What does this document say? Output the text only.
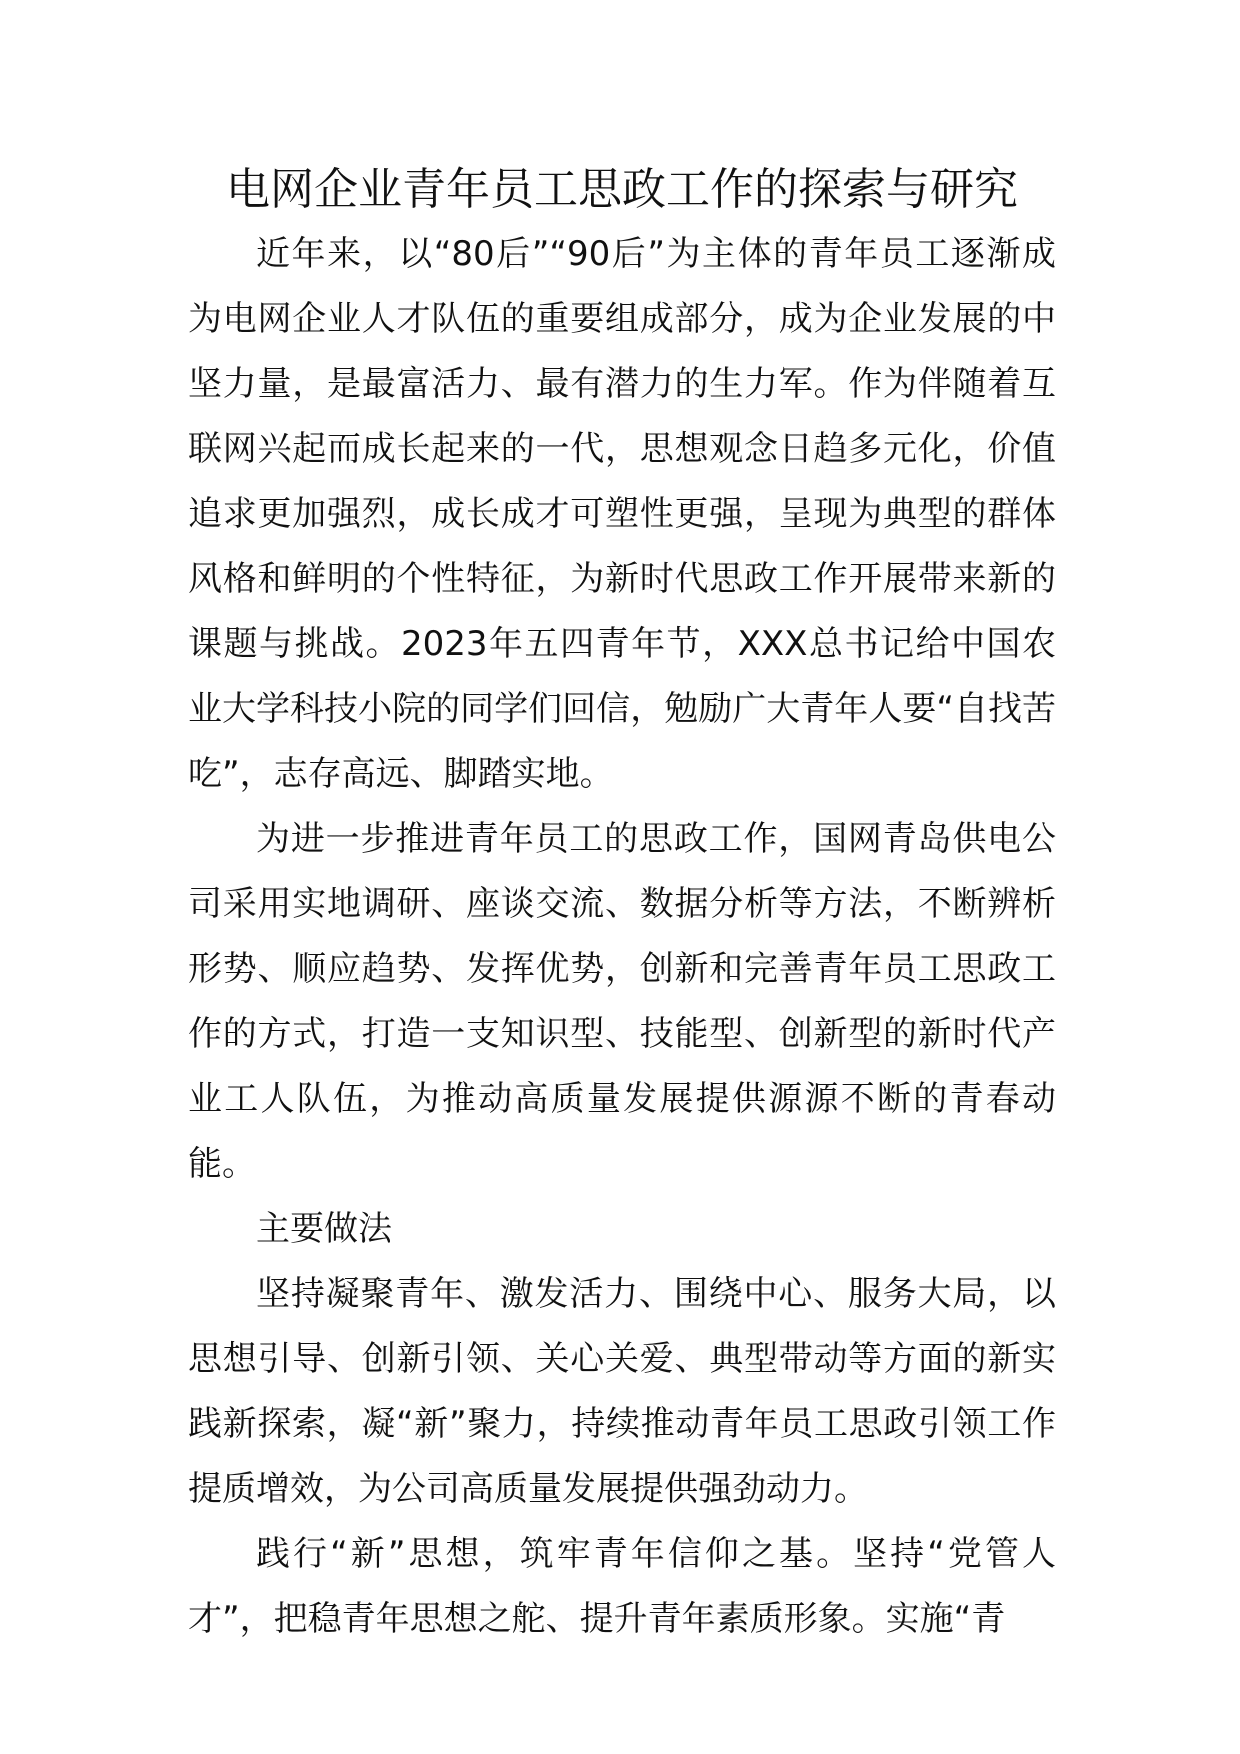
电网企业青年员工思政工作的探索与研究

近年来，以“80后”“90后”为主体的青年员工逐渐成为电网企业人才队伍的重要组成部分，成为企业发展的中坚力量，是最富活力、最有潜力的生力军。作为伴随着互联网兴起而成长起来的一代，思想观念日趋多元化，价值追求更加强烈，成长成才可塑性更强，呈现为典型的群体风格和鲜明的个性特征，为新时代思政工作开展带来新的课题与挑战。2023年五四青年节，XXX总书记给中国农业大学科技小院的同学们回信，勉励广大青年人要“自找苦吃”，志存高远、脚踏实地。

为进一步推进青年员工的思政工作，国网青岛供电公司采用实地调研、座谈交流、数据分析等方法，不断辨析形势、顺应趋势、发挥优势，创新和完善青年员工思政工作的方式，打造一支知识型、技能型、创新型的新时代产业工人队伍，为推动高质量发展提供源源不断的青春动能。

主要做法

坚持凝聚青年、激发活力、围绕中心、服务大局，以思想引导、创新引领、关心关爱、典型带动等方面的新实践新探索，凝“新”聚力，持续推动青年员工思政引领工作提质增效，为公司高质量发展提供强劲动力。

践行“新”思想，筑牢青年信仰之基。坚持“党管人才”，把稳青年思想之舵、提升青年素质形象。实施“青
